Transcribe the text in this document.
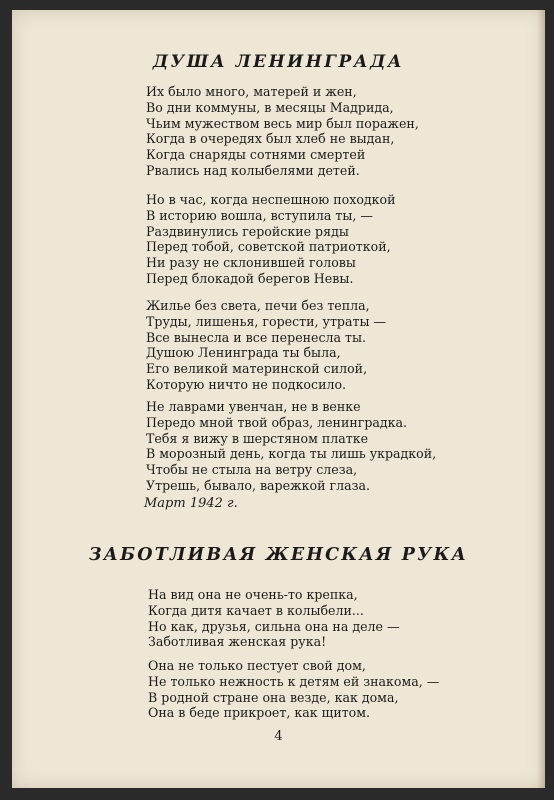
ДУША ЛЕНИНГРАДА

Их было много, матерей и жен,
Во дни коммуны, в месяцы Мадрида,
Чьим мужеством весь мир был поражен,
Когда в очередях был хлеб не выдан,
Когда снаряды сотнями смертей
Рвались над колыбелями детей.

Но в час, когда неспешною походкой
В историю вошла, вступила ты, —
Раздвинулись геройские ряды
Перед тобой, советской патриоткой,
Ни разу не склонившей головы
Перед блокадой берегов Невы.

Жилье без света, печи без тепла,
Труды, лишенья, горести, утраты —
Все вынесла и все перенесла ты.
Душою Ленинграда ты была,
Его великой материнской силой,
Которую ничто не подкосило.

Не лаврами увенчан, не в венке
Передо мной твой образ, ленинградка.
Тебя я вижу в шерстяном платке
В морозный день, когда ты лишь украдкой,
Чтобы не стыла на ветру слеза,
Утрешь, бывало, варежкой глаза.

Март 1942 г.

ЗАБОТЛИВАЯ ЖЕНСКАЯ РУКА

На вид она не очень-то крепка,
Когда дитя качает в колыбели...
Но как, друзья, сильна она на деле —
Заботливая женская рука!

Она не только пестует свой дом,
Не только нежность к детям ей знакома, —
В родной стране она везде, как дома,
Она в беде прикроет, как щитом.

4
